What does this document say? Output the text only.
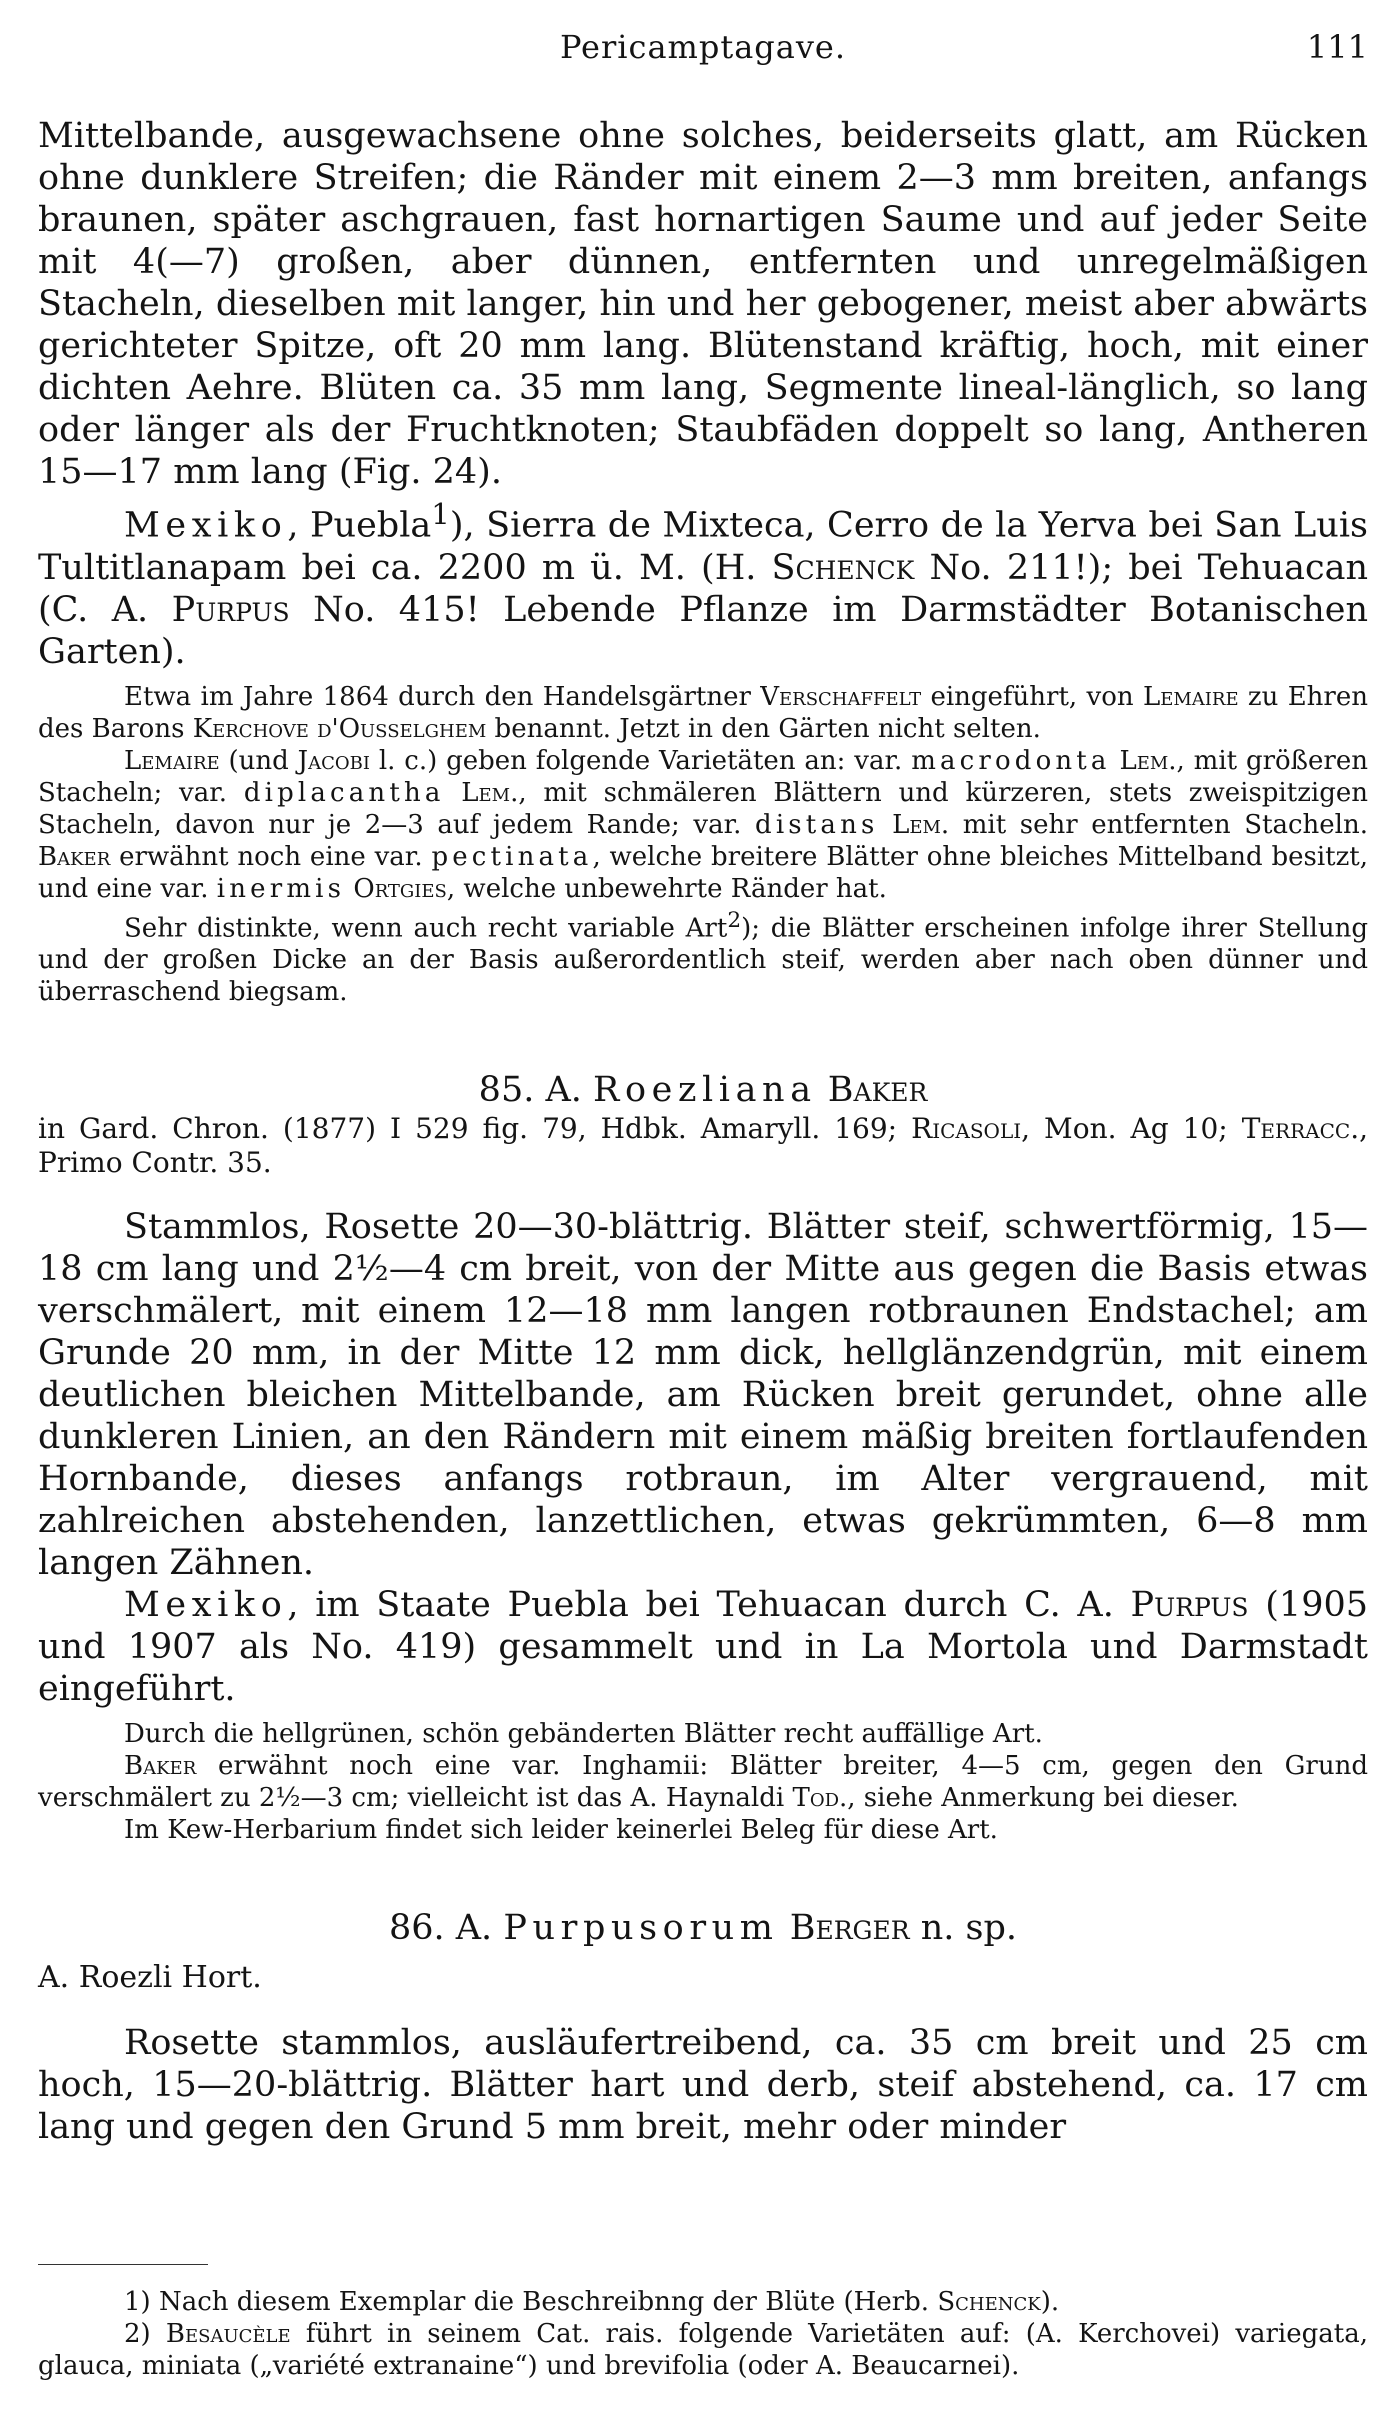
Pericamptagave.	111

Mittelbande, ausgewachsene ohne solches, beiderseits glatt, am Rücken ohne dunklere Streifen; die Ränder mit einem 2—3 mm breiten, anfangs braunen, später aschgrauen, fast hornartigen Saume und auf jeder Seite mit 4(—7) großen, aber dünnen, entfernten und unregelmäßigen Stacheln, dieselben mit langer, hin und her gebogener, meist aber abwärts gerichteter Spitze, oft 20 mm lang. Blütenstand kräftig, hoch, mit einer dichten Aehre. Blüten ca. 35 mm lang, Segmente lineal-länglich, so lang oder länger als der Fruchtknoten; Staubfäden doppelt so lang, Antheren 15—17 mm lang (Fig. 24).

Mexiko, Puebla$^1$), Sierra de Mixteca, Cerro de la Yerva bei San Luis Tultitlanapam bei ca. 2200 m ü. M. (H. Schenck No. 211!); bei Tehuacan (C. A. Purpus No. 415! Lebende Pflanze im Darmstädter Botanischen Garten).

Etwa im Jahre 1864 durch den Handelsgärtner Verschaffelt eingeführt, von Lemaire zu Ehren des Barons Kerchove d'Ousselghem benannt. Jetzt in den Gärten nicht selten.

Lemaire (und Jacobi l. c.) geben folgende Varietäten an: var. macrodonta Lem., mit größeren Stacheln; var. diplacantha Lem., mit schmäleren Blättern und kürzeren, stets zweispitzigen Stacheln, davon nur je 2—3 auf jedem Rande; var. distans Lem. mit sehr entfernten Stacheln. Baker erwähnt noch eine var. pectinata, welche breitere Blätter ohne bleiches Mittelband besitzt, und eine var. inermis Ortgies, welche unbewehrte Ränder hat.

Sehr distinkte, wenn auch recht variable Art$^2$); die Blätter erscheinen infolge ihrer Stellung und der großen Dicke an der Basis außerordentlich steif, werden aber nach oben dünner und überraschend biegsam.

85. A. Roezliana Baker

in Gard. Chron. (1877) I 529 fig. 79, Hdbk. Amaryll. 169; Ricasoli, Mon. Ag 10; Terracc., Primo Contr. 35.

Stammlos, Rosette 20—30-blättrig. Blätter steif, schwertförmig, 15—18 cm lang und 2½—4 cm breit, von der Mitte aus gegen die Basis etwas verschmälert, mit einem 12—18 mm langen rotbraunen Endstachel; am Grunde 20 mm, in der Mitte 12 mm dick, hellglänzendgrün, mit einem deutlichen bleichen Mittelbande, am Rücken breit gerundet, ohne alle dunkleren Linien, an den Rändern mit einem mäßig breiten fortlaufenden Hornbande, dieses anfangs rotbraun, im Alter vergrauend, mit zahlreichen abstehenden, lanzettlichen, etwas gekrümmten, 6—8 mm langen Zähnen.

Mexiko, im Staate Puebla bei Tehuacan durch C. A. Purpus (1905 und 1907 als No. 419) gesammelt und in La Mortola und Darmstadt eingeführt.

Durch die hellgrünen, schön gebänderten Blätter recht auffällige Art.

Baker erwähnt noch eine var. Inghamii: Blätter breiter, 4—5 cm, gegen den Grund verschmälert zu 2½—3 cm; vielleicht ist das A. Haynaldi Tod., siehe Anmerkung bei dieser.

Im Kew-Herbarium findet sich leider keinerlei Beleg für diese Art.

86. A. Purpusorum Berger n. sp.

A. Roezli Hort.

Rosette stammlos, ausläufertreibend, ca. 35 cm breit und 25 cm hoch, 15—20-blättrig. Blätter hart und derb, steif abstehend, ca. 17 cm lang und gegen den Grund 5 mm breit, mehr oder minder

1) Nach diesem Exemplar die Beschreibnng der Blüte (Herb. Schenck).

2) Besaucèle führt in seinem Cat. rais. folgende Varietäten auf: (A. Kerchovei) variegata, glauca, miniata („variété extranaine“) und brevifolia (oder A. Beaucarnei).
